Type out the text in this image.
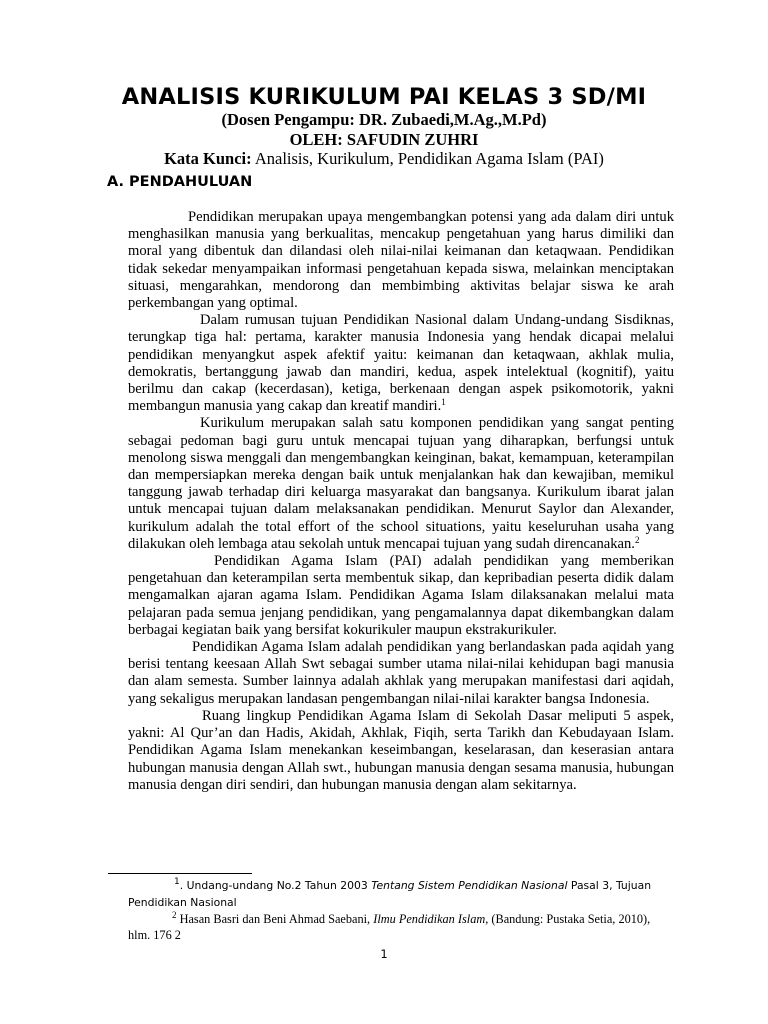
ANALISIS KURIKULUM PAI KELAS 3 SD/MI
(Dosen Pengampu: DR. Zubaedi,M.Ag.,M.Pd)
OLEH: SAFUDIN ZUHRI
Kata Kunci: Analisis, Kurikulum, Pendidikan Agama Islam (PAI)
A. PENDAHULUAN

Pendidikan merupakan upaya mengembangkan potensi yang ada dalam diri untuk menghasilkan manusia yang berkualitas, mencakup pengetahuan yang harus dimiliki dan moral yang dibentuk dan dilandasi oleh nilai-nilai keimanan dan ketaqwaan. Pendidikan tidak sekedar menyampaikan informasi pengetahuan kepada siswa, melainkan menciptakan situasi, mengarahkan, mendorong dan membimbing aktivitas belajar siswa ke arah perkembangan yang optimal.

Dalam rumusan tujuan Pendidikan Nasional dalam Undang-undang Sisdiknas, terungkap tiga hal: pertama, karakter manusia Indonesia yang hendak dicapai melalui pendidikan menyangkut aspek afektif yaitu: keimanan dan ketaqwaan, akhlak mulia, demokratis, bertanggung jawab dan mandiri, kedua, aspek intelektual (kognitif), yaitu berilmu dan cakap (kecerdasan), ketiga, berkenaan dengan aspek psikomotorik, yakni membangun manusia yang cakap dan kreatif mandiri.$^1$

Kurikulum merupakan salah satu komponen pendidikan yang sangat penting sebagai pedoman bagi guru untuk mencapai tujuan yang diharapkan, berfungsi untuk menolong siswa menggali dan mengembangkan keinginan, bakat, kemampuan, keterampilan dan mempersiapkan mereka dengan baik untuk menjalankan hak dan kewajiban, memikul tanggung jawab terhadap diri keluarga masyarakat dan bangsanya. Kurikulum ibarat jalan untuk mencapai tujuan dalam melaksanakan pendidikan. Menurut Saylor dan Alexander, kurikulum adalah the total effort of the school situations, yaitu keseluruhan usaha yang dilakukan oleh lembaga atau sekolah untuk mencapai tujuan yang sudah direncanakan.$^2$

Pendidikan Agama Islam (PAI) adalah pendidikan yang memberikan pengetahuan dan keterampilan serta membentuk sikap, dan kepribadian peserta didik dalam mengamalkan ajaran agama Islam. Pendidikan Agama Islam dilaksanakan melalui mata pelajaran pada semua jenjang pendidikan, yang pengamalannya dapat dikembangkan dalam berbagai kegiatan baik yang bersifat kokurikuler maupun ekstrakurikuler.

Pendidikan Agama Islam adalah pendidikan yang berlandaskan pada aqidah yang berisi tentang keesaan Allah Swt sebagai sumber utama nilai-nilai kehidupan bagi manusia dan alam semesta. Sumber lainnya adalah akhlak yang merupakan manifestasi dari aqidah, yang sekaligus merupakan landasan pengembangan nilai-nilai karakter bangsa Indonesia.

Ruang lingkup Pendidikan Agama Islam di Sekolah Dasar meliputi 5 aspek, yakni: Al Qur’an dan Hadis, Akidah, Akhlak, Fiqih, serta Tarikh dan Kebudayaan Islam. Pendidikan Agama Islam menekankan keseimbangan, keselarasan, dan keserasian antara hubungan manusia dengan Allah swt., hubungan manusia dengan sesama manusia, hubungan manusia dengan diri sendiri, dan hubungan manusia dengan alam sekitarnya.

$^1$. Undang-undang No.2 Tahun 2003 Tentang Sistem Pendidikan Nasional Pasal 3, Tujuan Pendidikan Nasional
$^2$ Hasan Basri dan Beni Ahmad Saebani, Ilmu Pendidikan Islam, (Bandung: Pustaka Setia, 2010), hlm. 176 2
1
